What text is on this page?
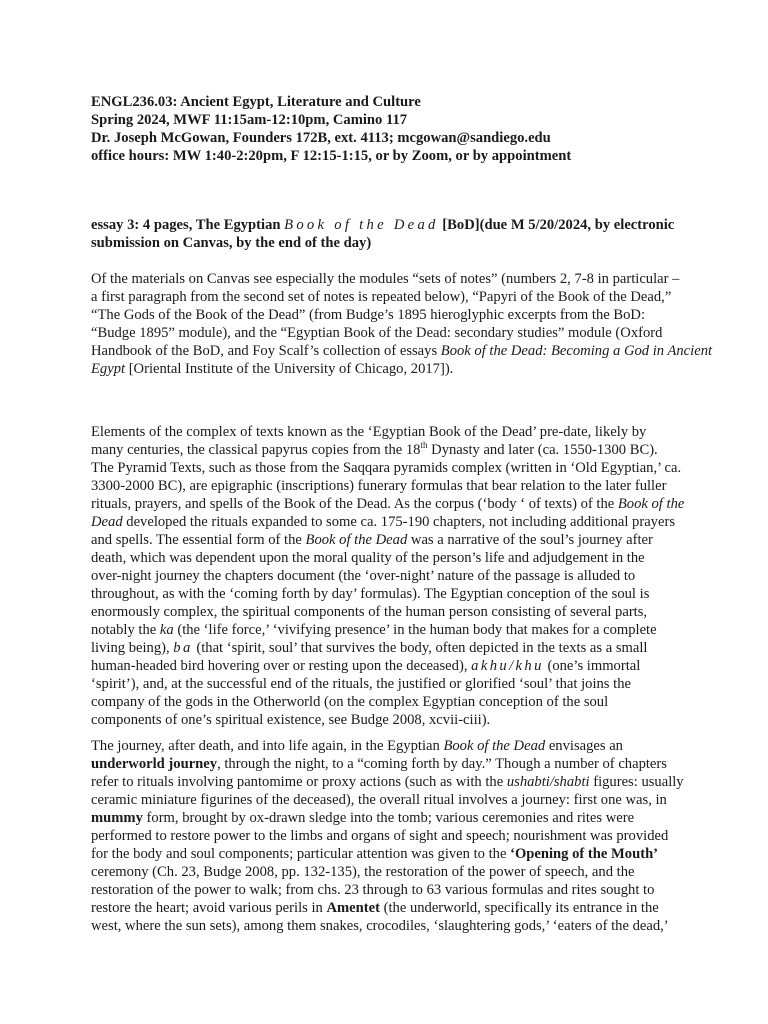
ENGL236.03: Ancient Egypt, Literature and Culture
Spring 2024, MWF 11:15am-12:10pm, Camino 117
Dr. Joseph McGowan, Founders 172B, ext. 4113; mcgowan@sandiego.edu
office hours: MW 1:40-2:20pm, F 12:15-1:15, or by Zoom, or by appointment
essay 3: 4 pages, The Egyptian Book of the Dead [BoD](due M 5/20/2024, by electronic
submission on Canvas, by the end of the day)
Of the materials on Canvas see especially the modules “sets of notes” (numbers 2, 7-8 in particular –
a first paragraph from the second set of notes is repeated below), “Papyri of the Book of the Dead,”
“The Gods of the Book of the Dead” (from Budge’s 1895 hieroglyphic excerpts from the BoD:
“Budge 1895” module), and the “Egyptian Book of the Dead: secondary studies” module (Oxford
Handbook of the BoD, and Foy Scalf’s collection of essays Book of the Dead: Becoming a God in Ancient
Egypt [Oriental Institute of the University of Chicago, 2017]).
Elements of the complex of texts known as the ‘Egyptian Book of the Dead’ pre-date, likely by
many centuries, the classical papyrus copies from the 18th Dynasty and later (ca. 1550-1300 BC).
The Pyramid Texts, such as those from the Saqqara pyramids complex (written in ‘Old Egyptian,’ ca.
3300-2000 BC), are epigraphic (inscriptions) funerary formulas that bear relation to the later fuller
rituals, prayers, and spells of the Book of the Dead. As the corpus (‘body ‘ of texts) of the Book of the
Dead developed the rituals expanded to some ca. 175-190 chapters, not including additional prayers
and spells. The essential form of the Book of the Dead was a narrative of the soul’s journey after
death, which was dependent upon the moral quality of the person’s life and adjudgement in the
over-night journey the chapters document (the ‘over-night’ nature of the passage is alluded to
throughout, as with the ‘coming forth by day’ formulas). The Egyptian conception of the soul is
enormously complex, the spiritual components of the human person consisting of several parts,
notably the ka (the ‘life force,’ ‘vivifying presence’ in the human body that makes for a complete
living being), ba (that ‘spirit, soul’ that survives the body, often depicted in the texts as a small
human-headed bird hovering over or resting upon the deceased), akhu/khu (one’s immortal
‘spirit’), and, at the successful end of the rituals, the justified or glorified ‘soul’ that joins the
company of the gods in the Otherworld (on the complex Egyptian conception of the soul
components of one’s spiritual existence, see Budge 2008, xcvii-ciii).
The journey, after death, and into life again, in the Egyptian Book of the Dead envisages an
underworld journey, through the night, to a “coming forth by day.” Though a number of chapters
refer to rituals involving pantomime or proxy actions (such as with the ushabti/shabti figures: usually
ceramic miniature figurines of the deceased), the overall ritual involves a journey: first one was, in
mummy form, brought by ox-drawn sledge into the tomb; various ceremonies and rites were
performed to restore power to the limbs and organs of sight and speech; nourishment was provided
for the body and soul components; particular attention was given to the ‘Opening of the Mouth’
ceremony (Ch. 23, Budge 2008, pp. 132-135), the restoration of the power of speech, and the
restoration of the power to walk; from chs. 23 through to 63 various formulas and rites sought to
restore the heart; avoid various perils in Amentet (the underworld, specifically its entrance in the
west, where the sun sets), among them snakes, crocodiles, ‘slaughtering gods,’ ‘eaters of the dead,’
